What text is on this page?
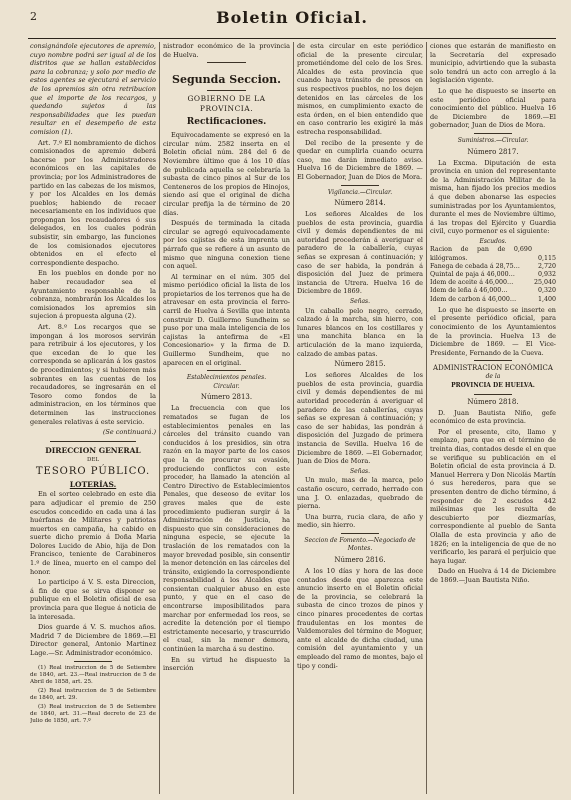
2	Boletin Oficial.

consignándole ejecutores de apremio, cuyo nombre podrá ser igual al de los distritos que se hallan establecidos para la cobranza; y solo por medio de estos agentes se ejecutará el servicio de los apremios sin otra retribucion que el importe de los recargos, y quedando sujetos á las responsabilidades que les puedan resultar en el desempeño de esta comision (1).

Art. 7.º El nombramiento de dichos comisionados de apremio deberá hacerse por los Administradores económicos en las capitales de provincia; por los Administradores de partido en las cabezas de los mismos, y por los Alcaldes en los demás pueblos; habiendo de recaer necesariamente en los individuos que propongan los recaudadores ó sus delegados, en los cuales podrán subsistir, sin embargo, las funciones de los comisionados ejecutores obtenidos en el efecto el correspondiente despacho.

En los pueblos en donde por no haber recaudador sea el Ayuntamiento responsable de la cobranza, nombrarán los Alcaldes los comisionados los apremios sin sujecion á propuesta alguna (2).

Art. 8.º Los recargos que se impongan á los morosos servirán para retribuir á los ejecutores, y los que excedan de lo que les corresponda se aplicarán á los gastos de procedimientos; y si hubieren más sobrantes en las cuentas de los recaudadores, se ingresarán en el Tesoro como fondos de la administracion, en los términos que determinen las instrucciones generales relativas á este servicio.

(Se continuará.)

DIRECCION GENERAL
DEL
TESORO PÚBLICO.
LOTERÍAS.

En el sorteo celebrado en este dia para adjudicar el premio de 250 escudos concedido en cada una á las huérfanas de Militares y patriotas muertos en campaña, ha cabido en suerte dicho premio á Doña Maria Dolores Lucido de Abio, hija de Don Francisco, teniente de Carabineros 1.º de línea, muerto en el campo del honor.

Lo participo á V. S. esta Direccion, á fin de que se sirva disponer se publique en el Boletin oficial de esa provincia para que llegue á noticia de la interesada.

Dios guarde á V. S. muchos años. Madrid 7 de Diciembre de 1869.—El Director general, Antonio Martinez Lage.—Sr. Administrador económico.

(1) Real instruccion de 5 de Setiembre de 1840, art. 23.—Real instruccion de 5 de Abril de 1858, art. 25.

(2) Real instruccion de 5 de Setiembre de 1840, art. 29.

(3) Real instruccion de 5 de Setiembre de 1840, art. 31.—Real decreto de 23 de Julio de 1850, art. 7.º

nistrador económico de la provincia de Huelva.

Segunda Seccion.
GOBIERNO DE LA PROVINCIA.
Rectificaciones.

Equivocadamente se expresó en la circular núm. 2582 inserta en el Boletin oficial núm. 284 del 6 de Noviembre último que á los 10 días de publicada aquella se celebraría la subasta de cinco pinos al Sur de los Centeneros de los propios de Hinojos, siendo así que el original de dicha circular prefija la de término de 20 días.

Después de terminada la citada circular se agregó equivocadamente por los cajistas de esta imprenta un párrafo que se refiere á un asunto de mismo que ninguna conexion tiene con aquel.

Al terminar en el núm. 305 del mismo periódico oficial la lista de los propietarios de los terrenos que ha de atravesar en esta provincia el ferro-carril de Huelva á Sevilla que intenta construir D. Guillermo Sundheim se puso por una mala inteligencia de los cajistas la antefirma de «El Concesionario» y la firma de D. Guillermo Sundheim, que no aparecen en el original.

Establecimientos penales.
Circular.
Número 2813.

La frecuencia con que los rematados se fugan de los establecimientos penales en las cárceles del tránsito cuando van conducidos á los presidios, sin otra razón en la mayor parte de los casos que la de procurar su evasión, produciendo conflictos con este proceder, ha llamado la atención al Centro Directivo de Establecimientos Penales, que deseoso de evitar los graves males que de este procedimiento pudieran surgir á la Administración de Justicia, ha dispuesto que sin consideraciones de ninguna especie, se ejecute la traslación de los rematados con la mayor brevedad posible, sin consentir la menor detención en las cárceles del tránsito, exigiendo la correspondiente responsabilidad á los Alcaldes que consientan cualquier abuso en este punto, y que en el caso de encontrarse imposibilitados para marchar por enfermedad los reos, se acredite la detención por el tiempo estrictamente necesario, y trascurrido el cual, sin la menor demora, continúen la marcha á su destino.

En su virtud he dispuesto la inserción

de esta circular en este periódico oficial de la presente circular, prometiéndome del celo de los Sres. Alcaldes de esta provincia que cuando haya tránsito de presos en sus respectivos pueblos, no los dejen detenidos en las cárceles de los mismos, en cumplimiento exacto de esta órden, en el bien entendido que en caso contrario les exigiré la más estrecha responsabilidad.

Del recibo de la presente y de quedar en cumplirla cuando ocurra caso, me darán inmediato aviso. Huelva 16 de Diciembre de 1869. —El Gobernador, Juan de Dios de Mora.

Vigilancia.—Circular.
Número 2814.

Los señores Alcaldes de los pueblos de esta provincia, guardia civil y demás dependientes de mi autoridad procederán á averiguar el paradero de la caballería, cuyas señas se expresan á continuación; y caso de ser habida, la pondrán á disposición del Juez de primera instancia de Utrera. Huelva 16 de Diciembre de 1869.

Señas.

Un caballo pelo negro, cerrado, calzado á la marcha, sin hierro, con lunares blancos en los costillares y una manchita blanca en la articulación de la mano izquierda, calzado de ambas patas.

Número 2815.

Los señores Alcaldes de los pueblos de esta provincia, guardia civil y demás dependientes de mi autoridad procederán á averiguar el paradero de las caballerías, cuyas señas se expresan á continuación; y caso de ser habidas, las pondrán á disposición del Juzgado de primera instancia de Sevilla. Huelva 16 de Diciembre de 1869. —El Gobernador, Juan de Dios de Mora.

Señas.

Un mulo, mas de la marca, pelo castaño oscuro, cerrado, herrado con una J. O. enlazadas, quebrado de pierna.

Una burra, rucia clara, de año y medio, sin hierro.

Seccion de Fomento.—Negociado de Montes.
Número 2816.

A los 10 días y hora de las doce contados desde que aparezca este anuncio inserto en el Boletin oficial de la provincia, se celebrará la subasta de cinco trozos de pinos y cinco pinares procedentes de cortas fraudulentas en los montes de Valdemorales del término de Moguer, ante el alcalde de dicha ciudad, una comisión del ayuntamiento y un empleado del ramo de montes, bajo el tipo y condi-

ciones que estarán de manifiesto en la Secretaría del expresado municipio, advirtiendo que la subasta solo tendrá un acto con arreglo á la legislación vigente.

Lo que he dispuesto se inserte en este periódico oficial para conocimiento del público. Huelva 16 de Diciembre de 1869.—El gobernador, Juan de Dios de Mora.

Suministros.—Circular.
Número 2817.

La Excma. Diputación de esta provincia en union del representante de la Administración Militar de la misma, han fijado los precios medios á que deben abonarse las especies suministradas por los Ayuntamientos, durante el mes de Noviembre último, á las tropas del Ejército y Guardia civil, cuyo pormenor es el siguiente:

Escudos.
Racion de pan de 0,690 kilógramos.	0,115
Fanega de cebada á 28,75…	2,720
Quintal de paja á 46,000…	0,932
Idem de aceite á 46,000…	25,040
Idem de leña á 46,000…	0,320
Idem de carbon á 46,000…	1,400

Lo que he dispuesto se inserte en el presente periódico oficial, para conocimiento de los Ayuntamientos de la provincia. Huelva 13 de Diciembre de 1869. — El Vice-Presidente, Fernando de la Cueva.

ADMINISTRACION ECONÓMICA
de la
PROVINCIA DE HUELVA.
Número 2818.

D. Juan Bautista Niño, gefe económico de esta provincia.

Por el presente, cito, llamo y emplazo, para que en el término de treinta dias, contados desde el en que se verifique su publicación en el Boletin oficial de esta provincia á D. Manuel Herrera y Don Nicolás Martín ó sus herederos, para que se presenten dentro de dicho término, á responder de 2 escudos 442 milésimas que les resulta de descubierto por diezmarías, correspondiente al pueblo de Santa Olalla de esta provincia y año de 1826; en la inteligencia de que de no verificarlo, les parará el perjuicio que haya lugar.

Dado en Huelva á 14 de Diciembre de 1869.—Juan Bautista Niño.
